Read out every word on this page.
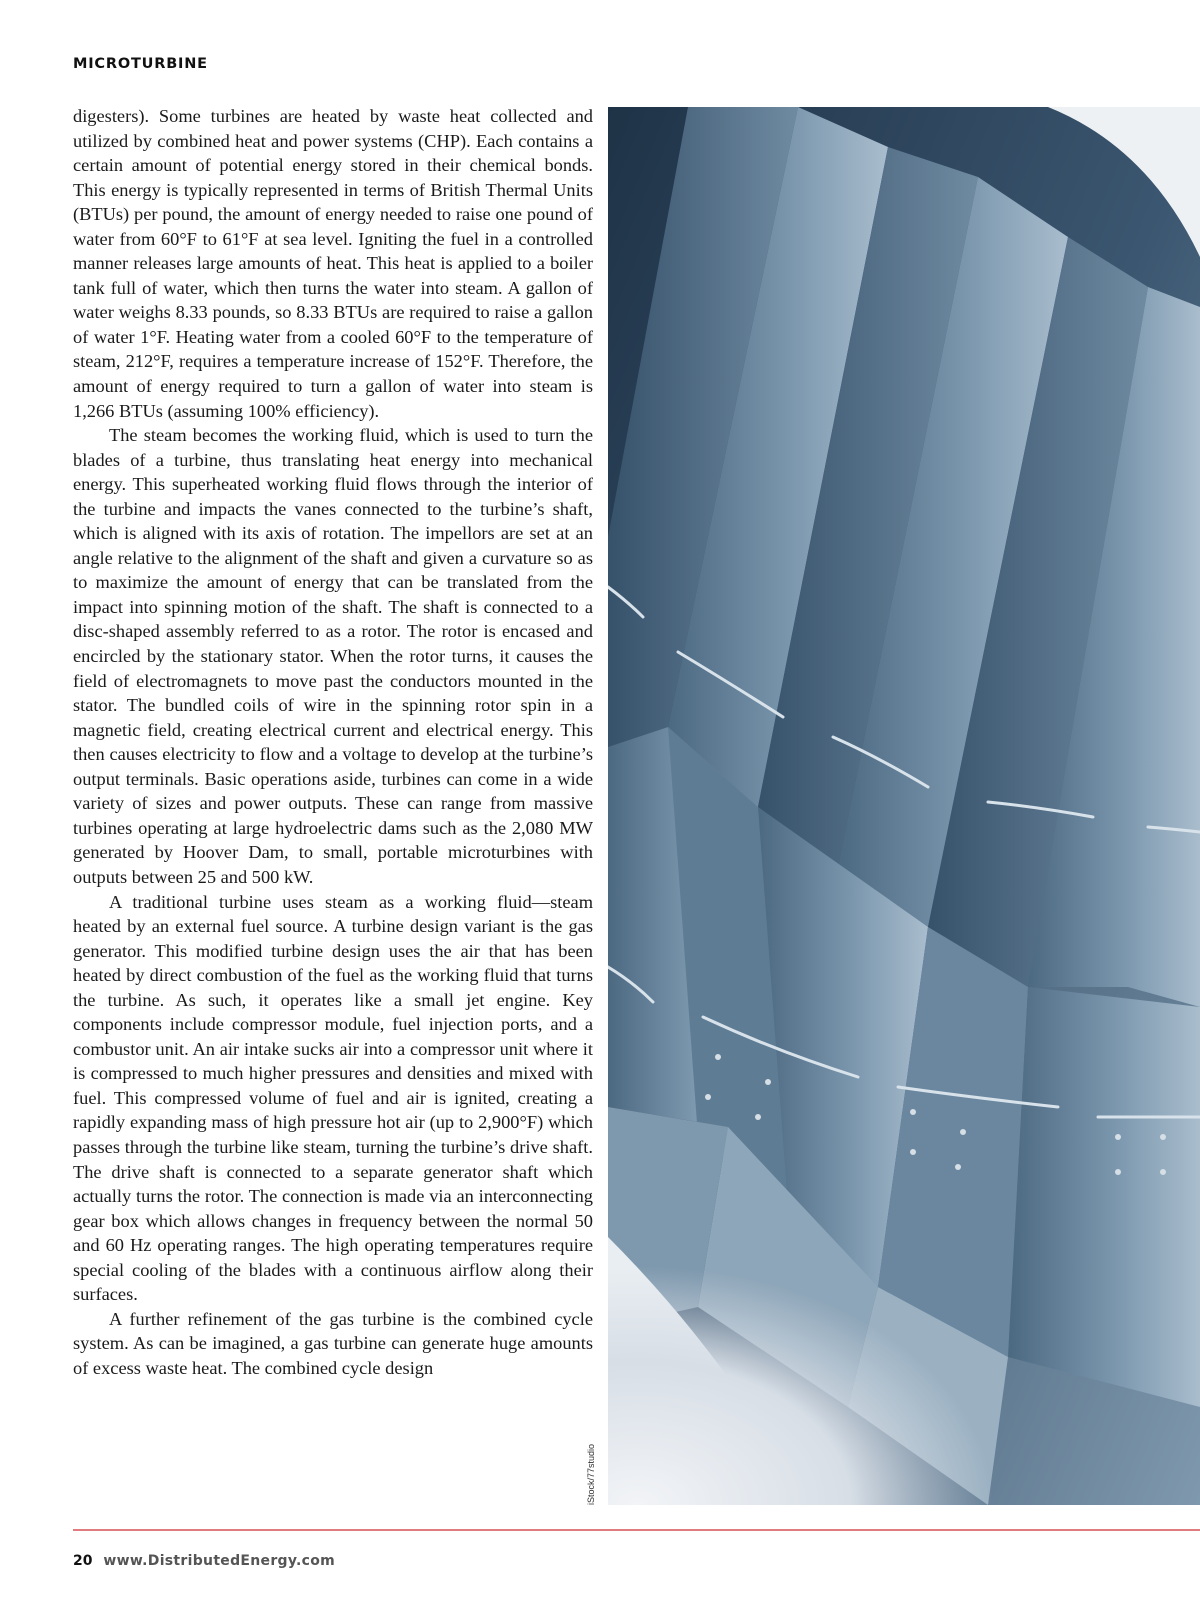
MICROTURBINE

digesters). Some turbines are heated by waste heat collected and utilized by combined heat and power systems (CHP). Each contains a certain amount of potential energy stored in their chemical bonds. This energy is typically represented in terms of British Thermal Units (BTUs) per pound, the amount of energy needed to raise one pound of water from 60°F to 61°F at sea level. Igniting the fuel in a controlled manner releases large amounts of heat. This heat is applied to a boiler tank full of water, which then turns the water into steam. A gallon of water weighs 8.33 pounds, so 8.33 BTUs are required to raise a gallon of water 1°F. Heating water from a cooled 60°F to the temperature of steam, 212°F, requires a temperature increase of 152°F. Therefore, the amount of energy required to turn a gallon of water into steam is 1,266 BTUs (assuming 100% efficiency).

The steam becomes the working fluid, which is used to turn the blades of a turbine, thus translating heat energy into mechanical energy. This superheated working fluid flows through the interior of the turbine and impacts the vanes connected to the turbine’s shaft, which is aligned with its axis of rotation. The impellors are set at an angle relative to the alignment of the shaft and given a curvature so as to maximize the amount of energy that can be translated from the impact into spinning motion of the shaft. The shaft is connected to a disc-shaped assembly referred to as a rotor. The rotor is encased and encircled by the stationary stator. When the rotor turns, it causes the field of electromagnets to move past the conductors mounted in the stator. The bundled coils of wire in the spinning rotor spin in a magnetic field, creating electrical current and electrical energy. This then causes electricity to flow and a voltage to develop at the turbine’s output terminals. Basic operations aside, turbines can come in a wide variety of sizes and power outputs. These can range from massive turbines operating at large hydroelectric dams such as the 2,080 MW generated by Hoover Dam, to small, portable microturbines with outputs between 25 and 500 kW.

A traditional turbine uses steam as a working fluid—steam heated by an external fuel source. A turbine design variant is the gas generator. This modified turbine design uses the air that has been heated by direct combustion of the fuel as the working fluid that turns the turbine. As such, it operates like a small jet engine. Key components include compressor module, fuel injection ports, and a combustor unit. An air intake sucks air into a compressor unit where it is compressed to much higher pressures and densities and mixed with fuel. This compressed volume of fuel and air is ignited, creating a rapidly expanding mass of high pressure hot air (up to 2,900°F) which passes through the turbine like steam, turning the turbine’s drive shaft. The drive shaft is connected to a separate generator shaft which actually turns the rotor. The connection is made via an interconnecting gear box which allows changes in frequency between the normal 50 and 60 Hz operating ranges. The high operating temperatures require special cooling of the blades with a continuous airflow along their surfaces.

A further refinement of the gas turbine is the combined cycle system. As can be imagined, a gas turbine can generate huge amounts of excess waste heat. The combined cycle design

iStock/77studio
20 www.DistributedEnergy.com
